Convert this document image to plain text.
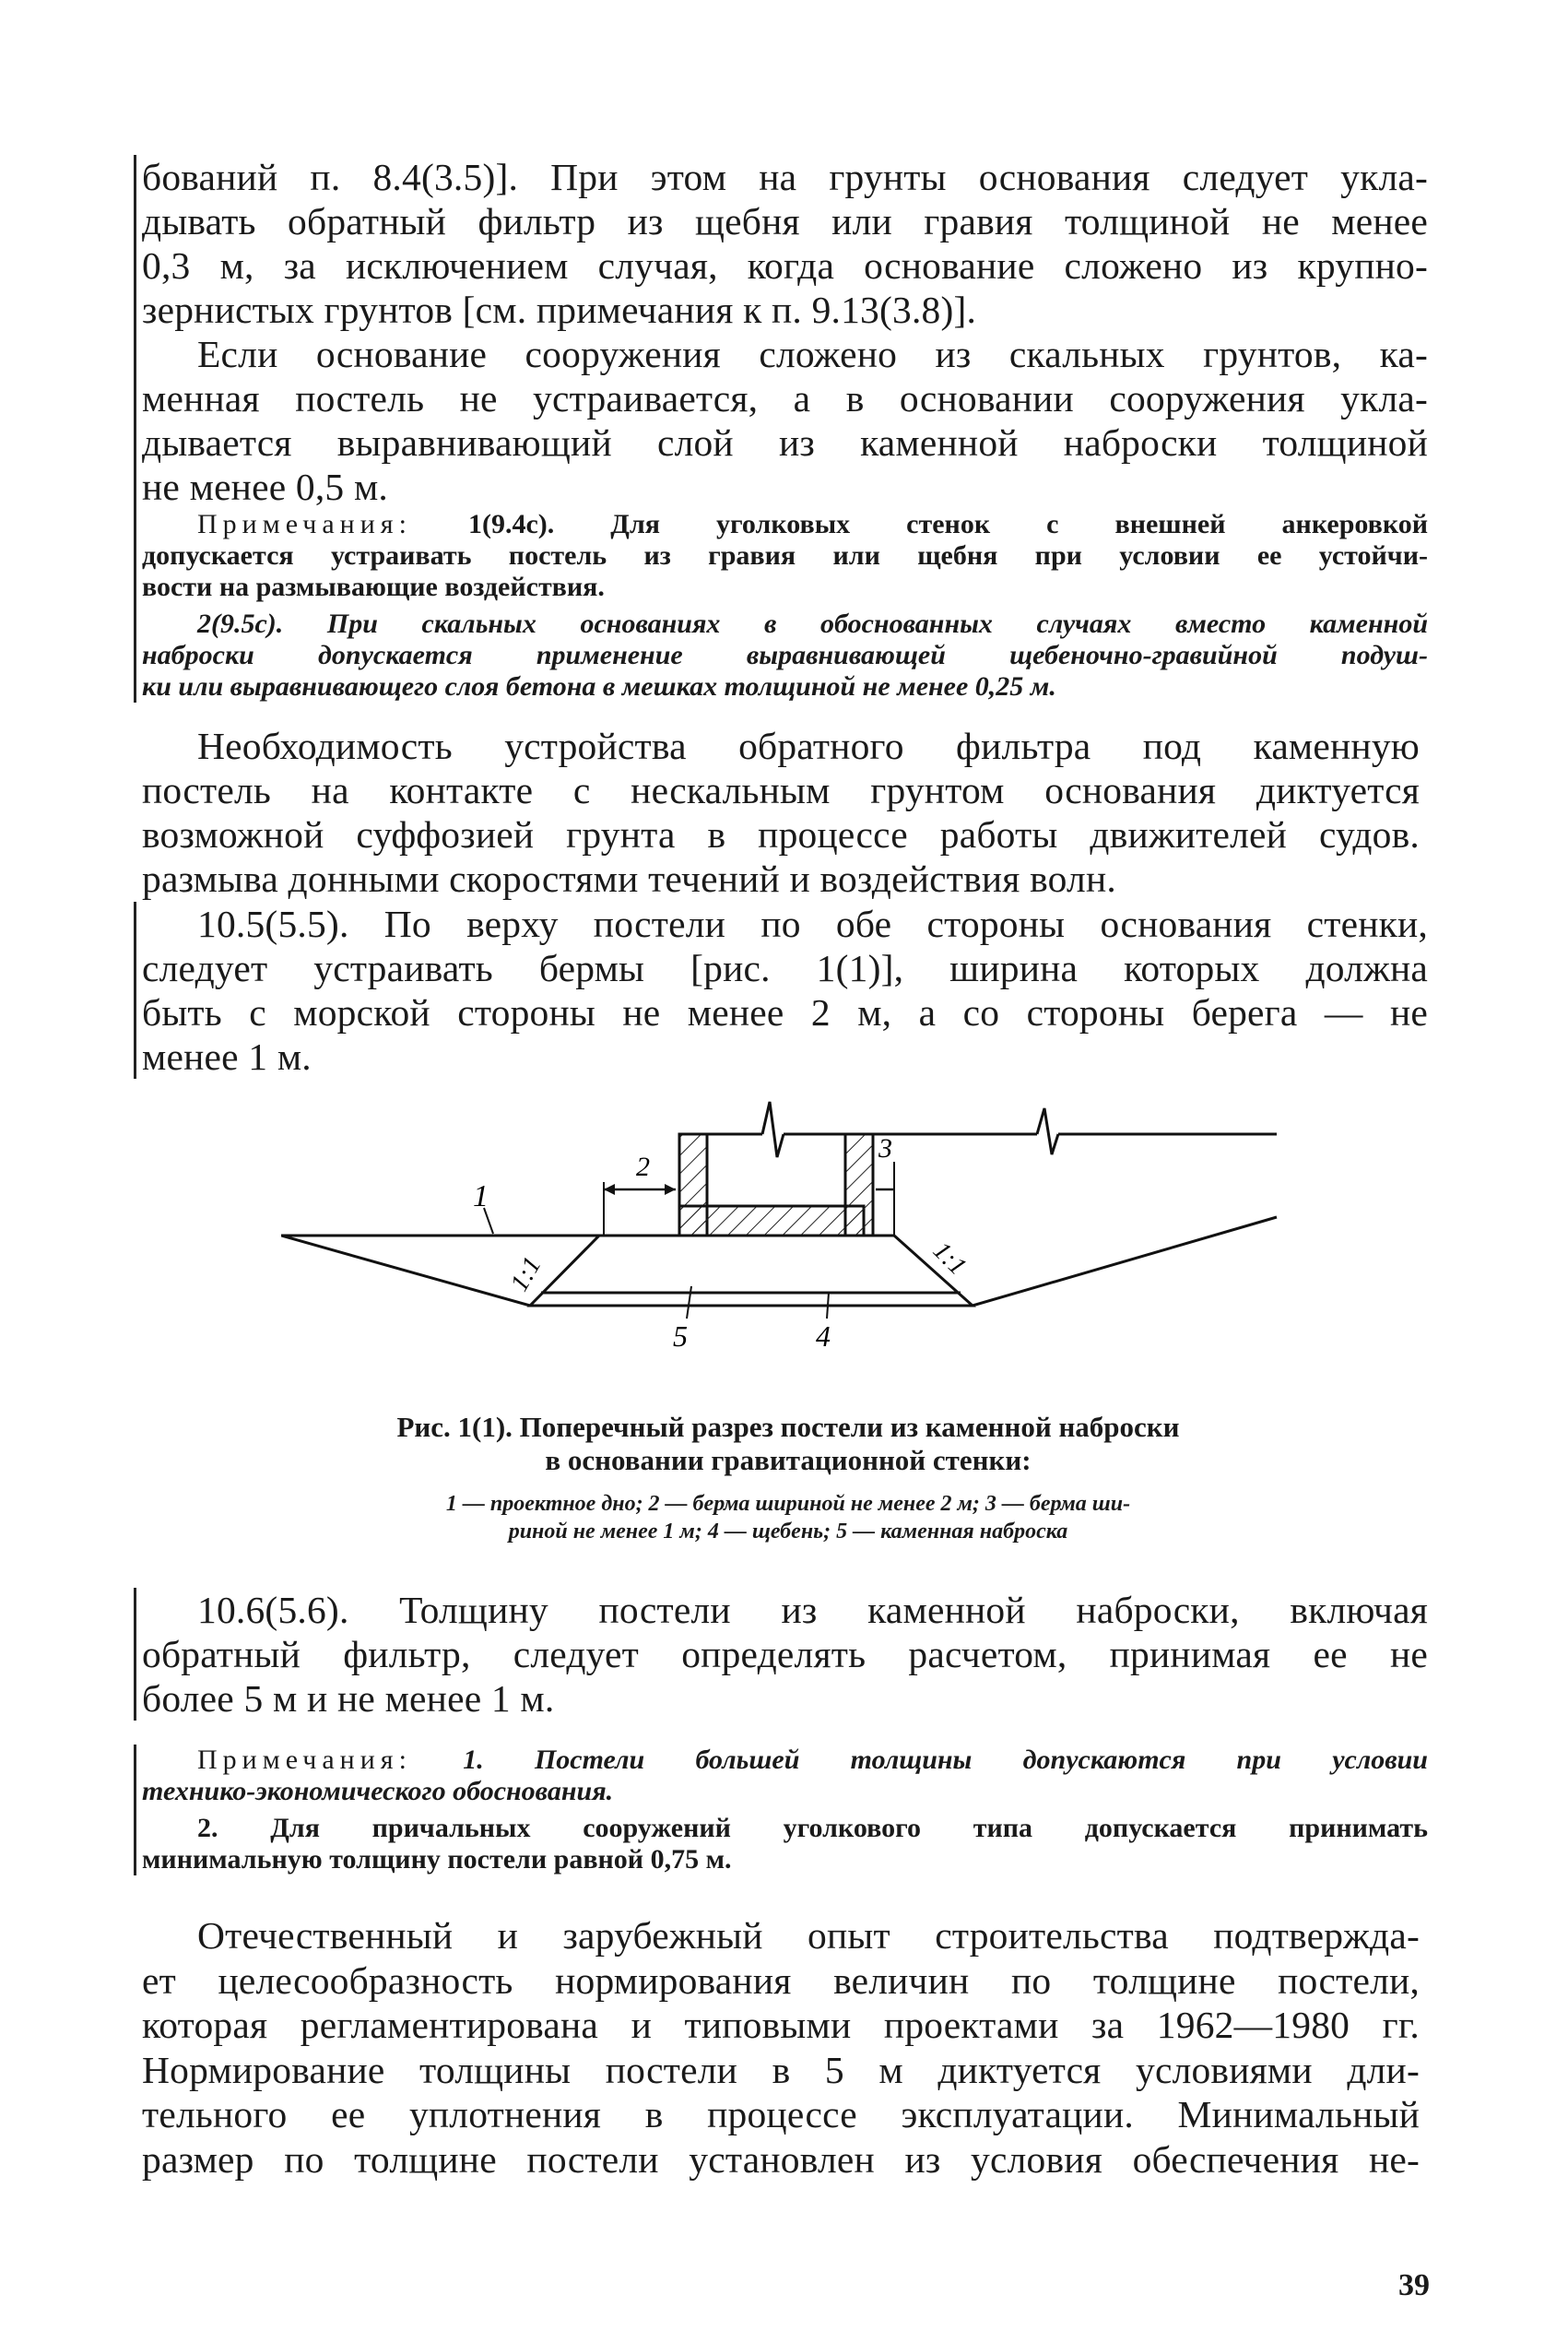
бований п. 8.4(3.5)]. При этом на грунты основания следует укла-
дывать обратный фильтр из щебня или гравия толщиной не менее
0,3 м, за исключением случая, когда основание сложено из крупно-
зернистых грунтов [см. примечания к п. 9.13(3.8)].
Если основание сооружения сложено из скальных грунтов, ка-
менная постель не устраивается, а в основании сооружения укла-
дывается выравнивающий слой из каменной наброски толщиной
не менее 0,5 м.
Примечания: 1(9.4с). Для уголковых стенок с внешней анкеровкой
допускается устраивать постель из гравия или щебня при условии ее устойчи-
вости на размывающие воздействия.
2(9.5с). При скальных основаниях в обоснованных случаях вместо каменной
наброски допускается применение выравнивающей щебеночно-гравийной подуш-
ки или выравнивающего слоя бетона в мешках толщиной не менее 0,25 м.
Необходимость устройства обратного фильтра под каменную
постель на контакте с нескальным грунтом основания диктуется
возможной суффозией грунта в процессе работы движителей судов.
размыва донными скоростями течений и воздействия волн.
10.5(5.5). По верху постели по обе стороны основания стенки,
следует устраивать бермы [рис. 1(1)], ширина которых должна
быть с морской стороны не менее 2 м, а со стороны берега — не
менее 1 м.
1
2
3
1:1	1:1
5	4
Рис. 1(1). Поперечный разрез постели из каменной наброски
в основании гравитационной стенки:
1 — проектное дно; 2 — берма шириной не менее 2 м; 3 — берма ши-
риной не менее 1 м; 4 — щебень; 5 — каменная наброска
10.6(5.6). Толщину постели из каменной наброски, включая
обратный фильтр, следует определять расчетом, принимая ее не
более 5 м и не менее 1 м.
Примечания: 1. Постели большей толщины допускаются при условии
технико-экономического обоснования.
2. Для причальных сооружений уголкового типа допускается принимать
минимальную толщину постели равной 0,75 м.
Отечественный и зарубежный опыт строительства подтвержда-
ет целесообразность нормирования величин по толщине постели,
которая регламентирована и типовыми проектами за 1962—1980 гг.
Нормирование толщины постели в 5 м диктуется условиями дли-
тельного ее уплотнения в процессе эксплуатации. Минимальный
размер по толщине постели установлен из условия обеспечения не-
39
